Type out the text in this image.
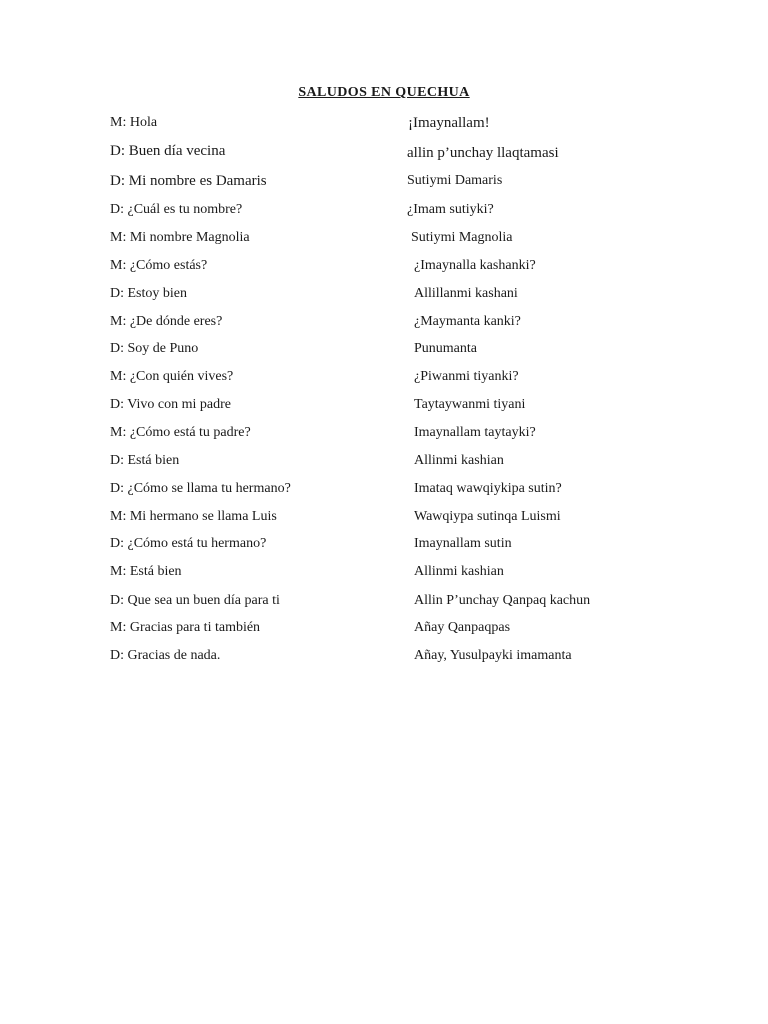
SALUDOS EN QUECHUA
M: Hola	¡Imaynallam!
D: Buen día vecina	allin p’unchay llaqtamasi
D: Mi nombre es Damaris	Sutiymi Damaris
D: ¿Cuál es tu nombre?	¿Imam sutiyki?
M: Mi nombre Magnolia	Sutiymi Magnolia
M: ¿Cómo estás?	¿Imaynalla kashanki?
D: Estoy bien	Allillanmi kashani
M: ¿De dónde eres?	¿Maymanta kanki?
D: Soy de Puno	Punumanta
M: ¿Con quién vives?	¿Piwanmi tiyanki?
D: Vivo con mi padre	Taytaywanmi tiyani
M: ¿Cómo está tu padre?	Imaynallam taytayki?
D: Está bien	Allinmi kashian
D: ¿Cómo se llama tu hermano?	Imataq wawqiykipa sutin?
M: Mi hermano se llama Luis	Wawqiypa sutinqa Luismi
D: ¿Cómo está tu hermano?	Imaynallam sutin
M: Está bien	Allinmi kashian
D: Que sea un buen día para ti	Allin P’unchay Qanpaq kachun
M: Gracias para ti también	Añay Qanpaqpas
D: Gracias de nada.	Añay, Yusulpayki imamanta
